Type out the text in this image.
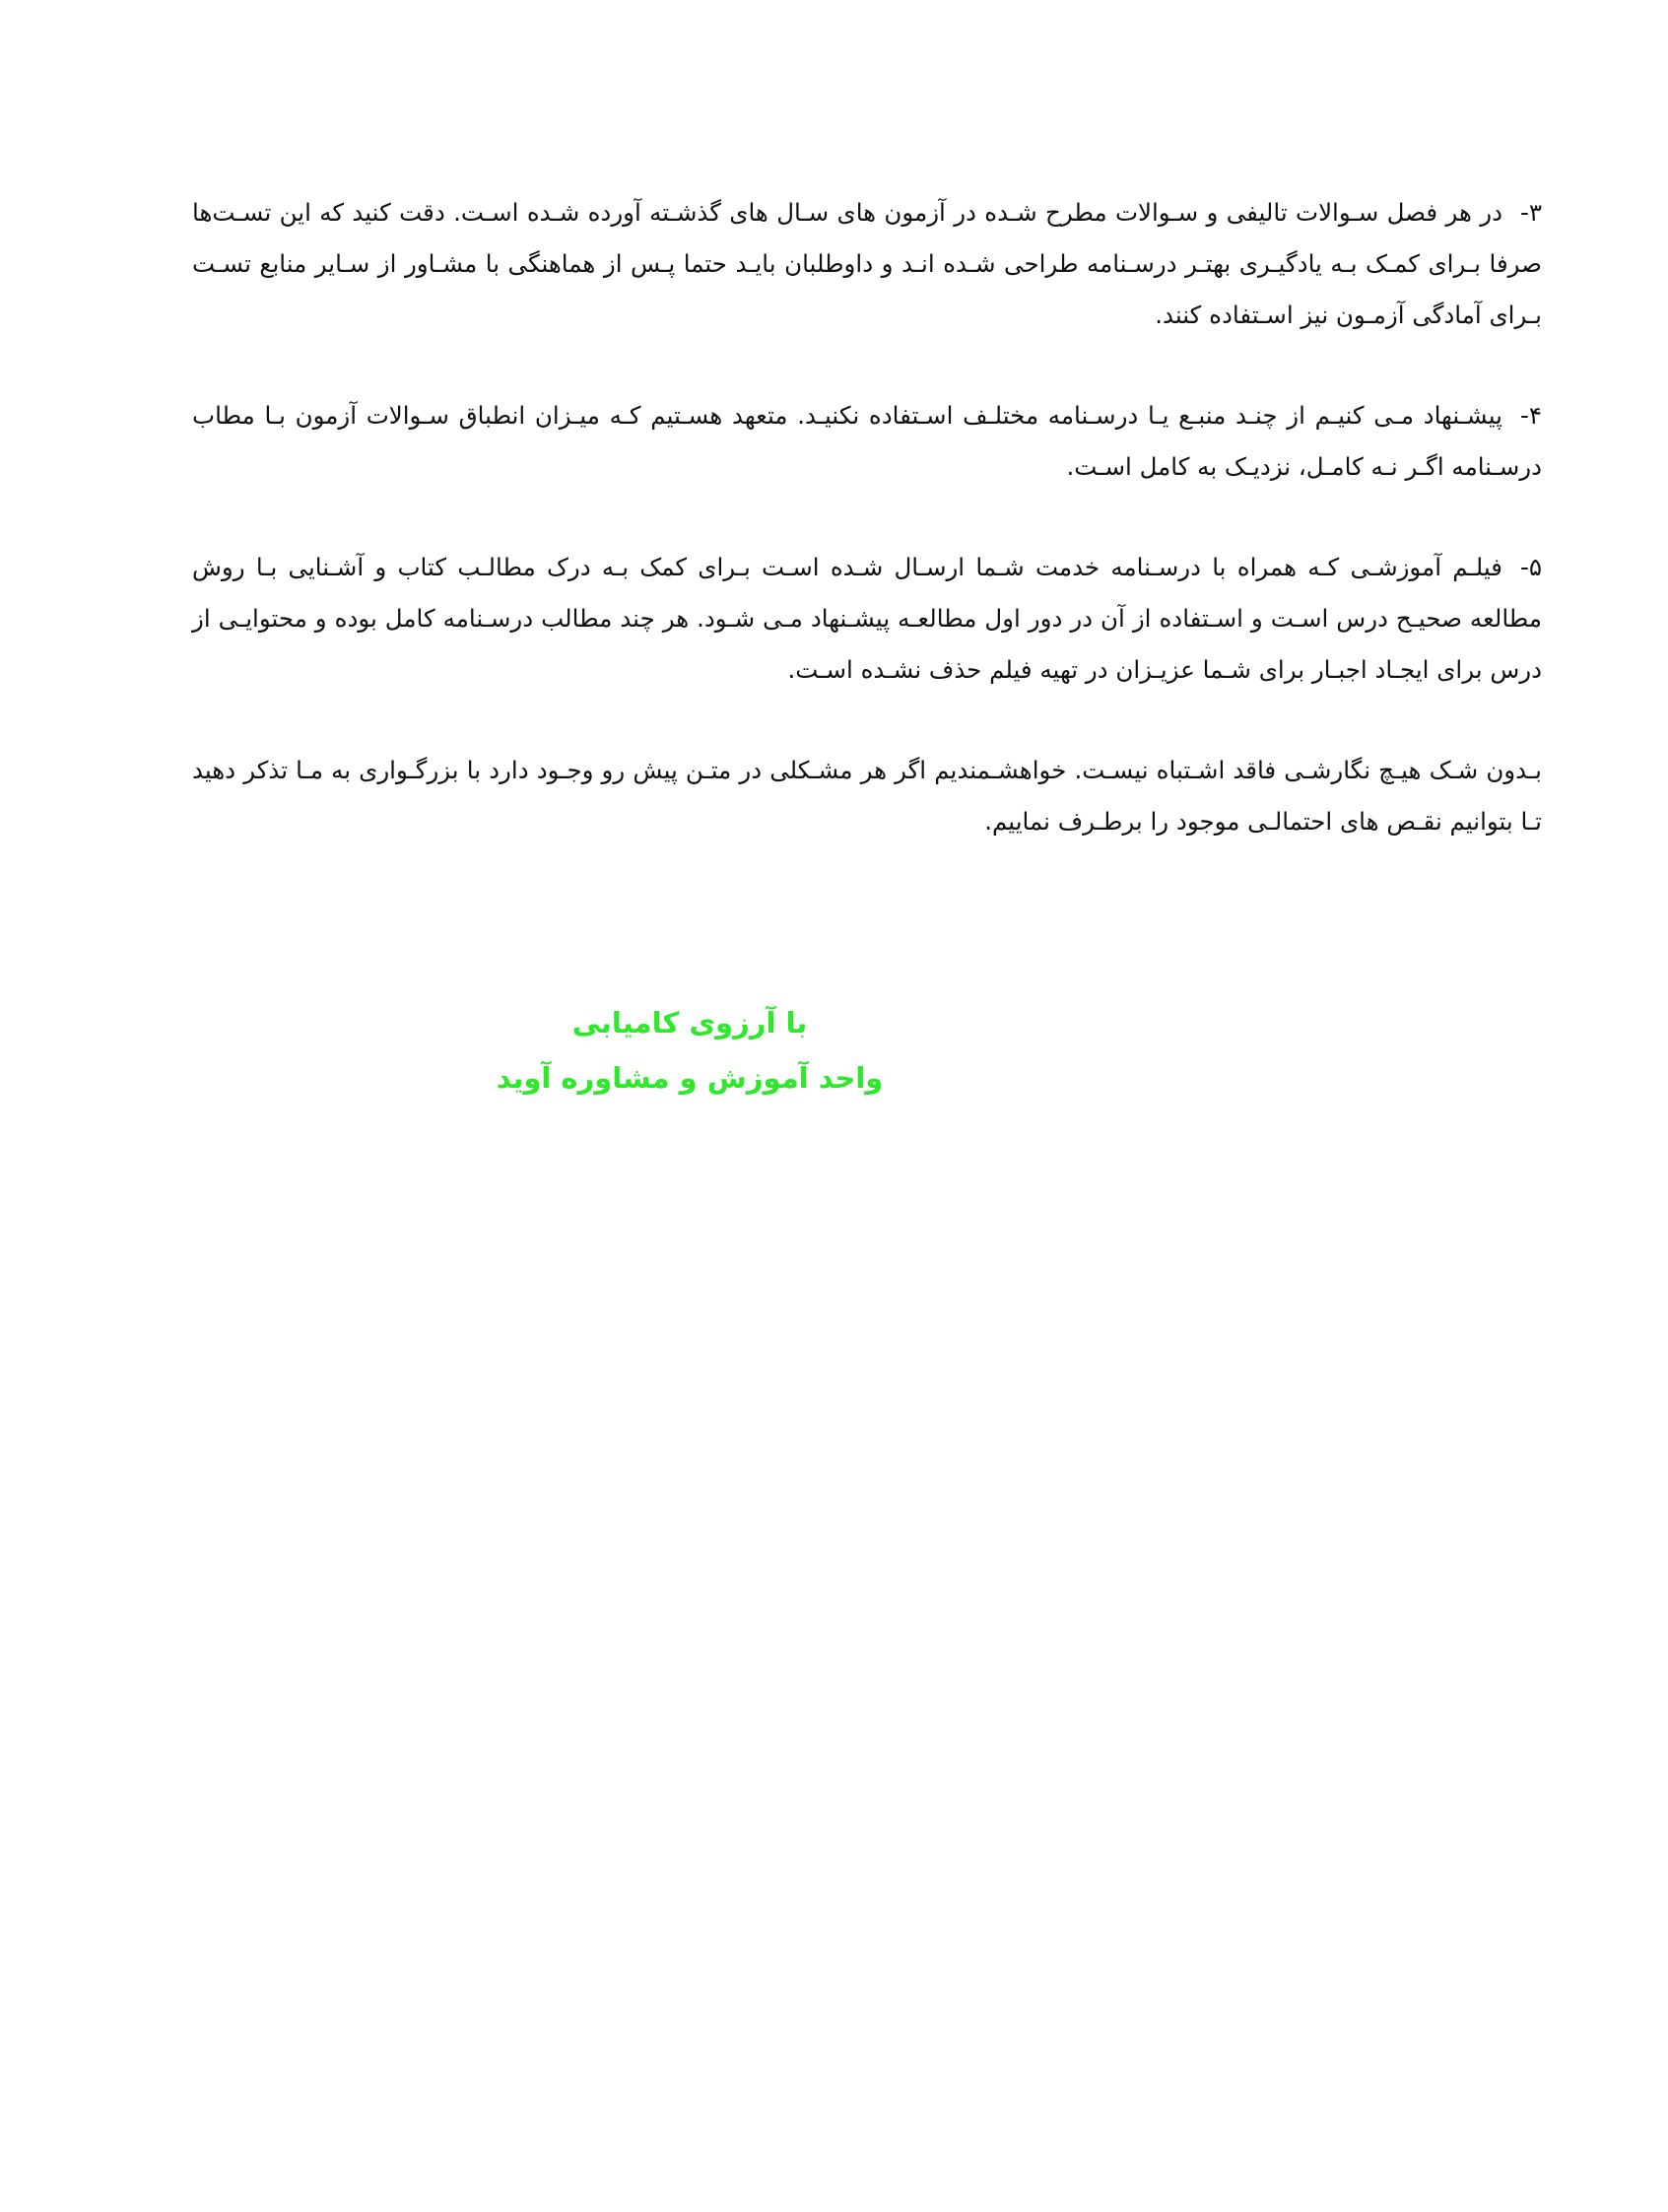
۳-در هر فصل سـوالات تالیفی و سـوالات مطرح شـده در آزمون های سـال های گذشـته آورده شـده اسـت. دقت کنید که این تسـت‌ها صرفا بـرای کمـک بـه یادگیـری بهتـر درسـنامه طراحی شـده انـد و داوطلبان بایـد حتما پـس از هماهنگی با مشـاور از سـایر منابع تسـت بـرای آمادگی آزمـون نیز اسـتفاده کنند.

۴-پیشـنهاد مـی کنیـم از چنـد منبـع یـا درسـنامه مختلـف اسـتفاده نکنیـد. متعهد هسـتیم کـه میـزان انطباق سـوالات آزمون بـا مطاب درسـنامه اگـر نـه کامـل، نزدیـک به کامل اسـت.

۵-فیلـم آموزشـی کـه همراه با درسـنامه خدمت شـما ارسـال شـده اسـت بـرای کمک بـه درک مطالـب کتاب و آشـنایی بـا روش مطالعه صحیـح درس اسـت و اسـتفاده از آن در دور اول مطالعـه پیشـنهاد مـی شـود. هر چند مطالب درسـنامه کامل بوده و محتوایـی از درس برای ایجـاد اجبـار برای شـما عزیـزان در تهیه فیلم حذف نشـده اسـت.

بـدون شـک هیـچ نگارشـی فاقد اشـتباه نیسـت. خواهشـمندیم اگر هر مشـکلی در متـن پیش رو وجـود دارد با بزرگـواری به مـا تذکر دهید تـا بتوانیم نقـص های احتمالـی موجود را برطـرف نماییم.

با آرزوی کامیابی
واحد آموزش و مشاوره آوید
